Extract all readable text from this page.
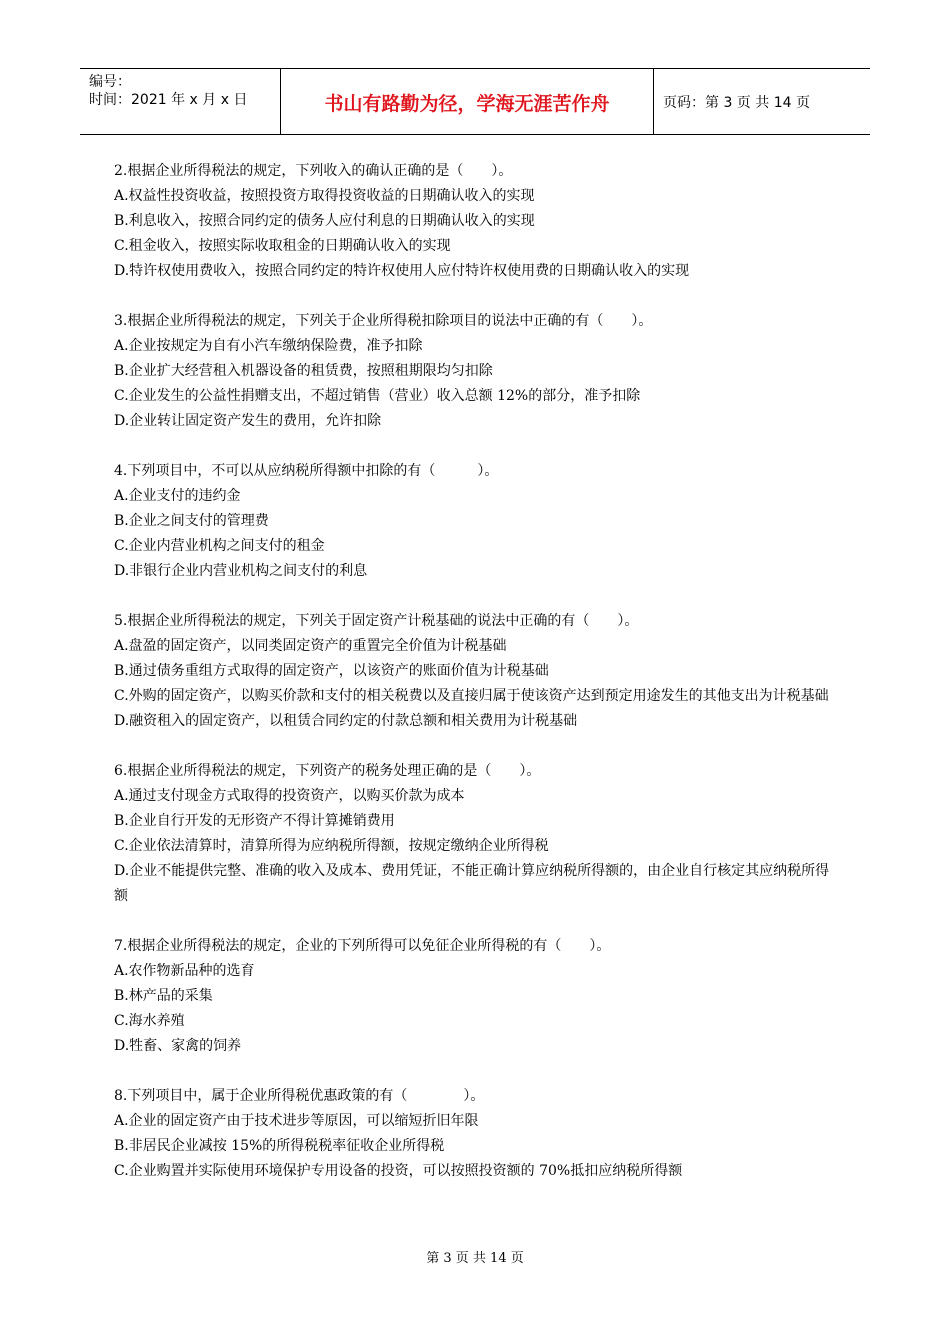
编号：
时间：2021 年 x 月 x 日	书山有路勤为径，学海无涯苦作舟	页码：第 3 页 共 14 页

2.根据企业所得税法的规定，下列收入的确认正确的是（　　）。

A.权益性投资收益，按照投资方取得投资收益的日期确认收入的实现

B.利息收入，按照合同约定的债务人应付利息的日期确认收入的实现

C.租金收入，按照实际收取租金的日期确认收入的实现

D.特许权使用费收入，按照合同约定的特许权使用人应付特许权使用费的日期确认收入的实现

3.根据企业所得税法的规定，下列关于企业所得税扣除项目的说法中正确的有（　　）。

A.企业按规定为自有小汽车缴纳保险费，准予扣除

B.企业扩大经营租入机器设备的租赁费，按照租期限均匀扣除

C.企业发生的公益性捐赠支出，不超过销售（营业）收入总额 12%的部分，准予扣除

D.企业转让固定资产发生的费用，允许扣除

4.下列项目中，不可以从应纳税所得额中扣除的有（　　　）。

A.企业支付的违约金

B.企业之间支付的管理费

C.企业内营业机构之间支付的租金

D.非银行企业内营业机构之间支付的利息

5.根据企业所得税法的规定，下列关于固定资产计税基础的说法中正确的有（　　）。

A.盘盈的固定资产，以同类固定资产的重置完全价值为计税基础

B.通过债务重组方式取得的固定资产，以该资产的账面价值为计税基础

C.外购的固定资产，以购买价款和支付的相关税费以及直接归属于使该资产达到预定用途发生的其他支出为计税基础

D.融资租入的固定资产，以租赁合同约定的付款总额和相关费用为计税基础

6.根据企业所得税法的规定，下列资产的税务处理正确的是（　　）。

A.通过支付现金方式取得的投资资产，以购买价款为成本

B.企业自行开发的无形资产不得计算摊销费用

C.企业依法清算时，清算所得为应纳税所得额，按规定缴纳企业所得税

D.企业不能提供完整、准确的收入及成本、费用凭证，不能正确计算应纳税所得额的，由企业自行核定其应纳税所得额

7.根据企业所得税法的规定，企业的下列所得可以免征企业所得税的有（　　）。

A.农作物新品种的选育

B.林产品的采集

C.海水养殖

D.牲畜、家禽的饲养

8.下列项目中，属于企业所得税优惠政策的有（　　　　）。

A.企业的固定资产由于技术进步等原因，可以缩短折旧年限

B.非居民企业减按 15%的所得税税率征收企业所得税

C.企业购置并实际使用环境保护专用设备的投资，可以按照投资额的 70%抵扣应纳税所得额

第 3 页 共 14 页
